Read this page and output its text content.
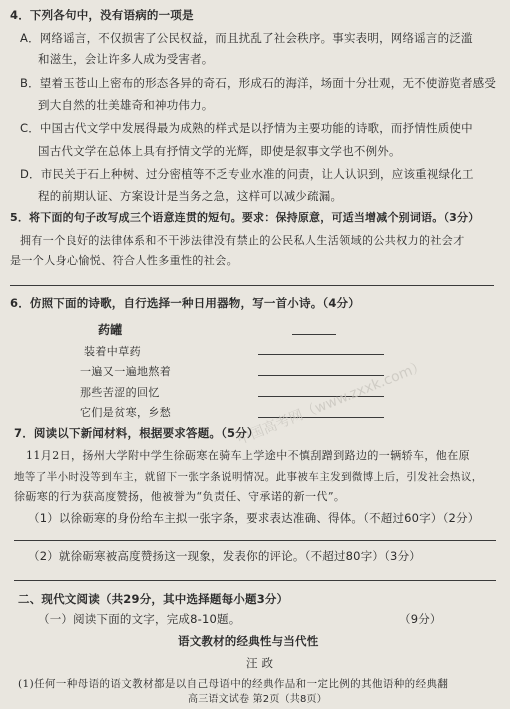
4．下列各句中，没有语病的一项是
A．网络谣言，不仅损害了公民权益，而且扰乱了社会秩序。事实表明，网络谣言的泛滥
和滋生，会让许多人成为受害者。
B．望着玉苍山上密布的形态各异的奇石，形成石的海洋，场面十分壮观，无不使游览者感受
到大自然的壮美雄奇和神功伟力。
C．中国古代文学中发展得最为成熟的样式是以抒情为主要功能的诗歌，而抒情性质使中
国古代文学在总体上具有抒情文学的光辉，即使是叙事文学也不例外。
D．市民关于石上种树、过分密植等不乏专业水准的问责，让人认识到，应该重视绿化工
程的前期认证、方案设计是当务之急，这样可以减少疏漏。
5．将下面的句子改写成三个语意连贯的短句。要求：保持原意，可适当增减个别词语。（3分）
拥有一个良好的法律体系和不干涉法律没有禁止的公民私人生活领域的公共权力的社会才
是一个人身心愉悦、符合人性多重性的社会。
6．仿照下面的诗歌，自行选择一种日用器物，写一首小诗。（4分）
药罐
装着中草药
一遍又一遍地熬着
那些苦涩的回忆
它们是贫寒，乡愁	中国高考网（www.zxxk.com）
7．阅读以下新闻材料，根据要求答题。（5分）
11月2日，扬州大学附中学生徐砺寒在骑车上学途中不慎刮蹭到路边的一辆轿车，他在原
地等了半小时没等到车主，就留下一张字条说明情况。此事被车主发到微博上后，引发社会热议，
徐砺寒的行为获高度赞扬，他被誉为“负责任、守承诺的新一代”。
（1）以徐砺寒的身份给车主拟一张字条，要求表达准确、得体。（不超过60字）（2分）
（2）就徐砺寒被高度赞扬这一现象，发表你的评论。（不超过80字）（3分）
二、现代文阅读（共29分，其中选择题每小题3分）
（一）阅读下面的文字，完成8-10题。	（9分）
语文教材的经典性与当代性
汪 政
(1)任何一种母语的语文教材都是以自己母语中的经典作品和一定比例的其他语种的经典翻
高三语文试卷 第2页（共8页）
